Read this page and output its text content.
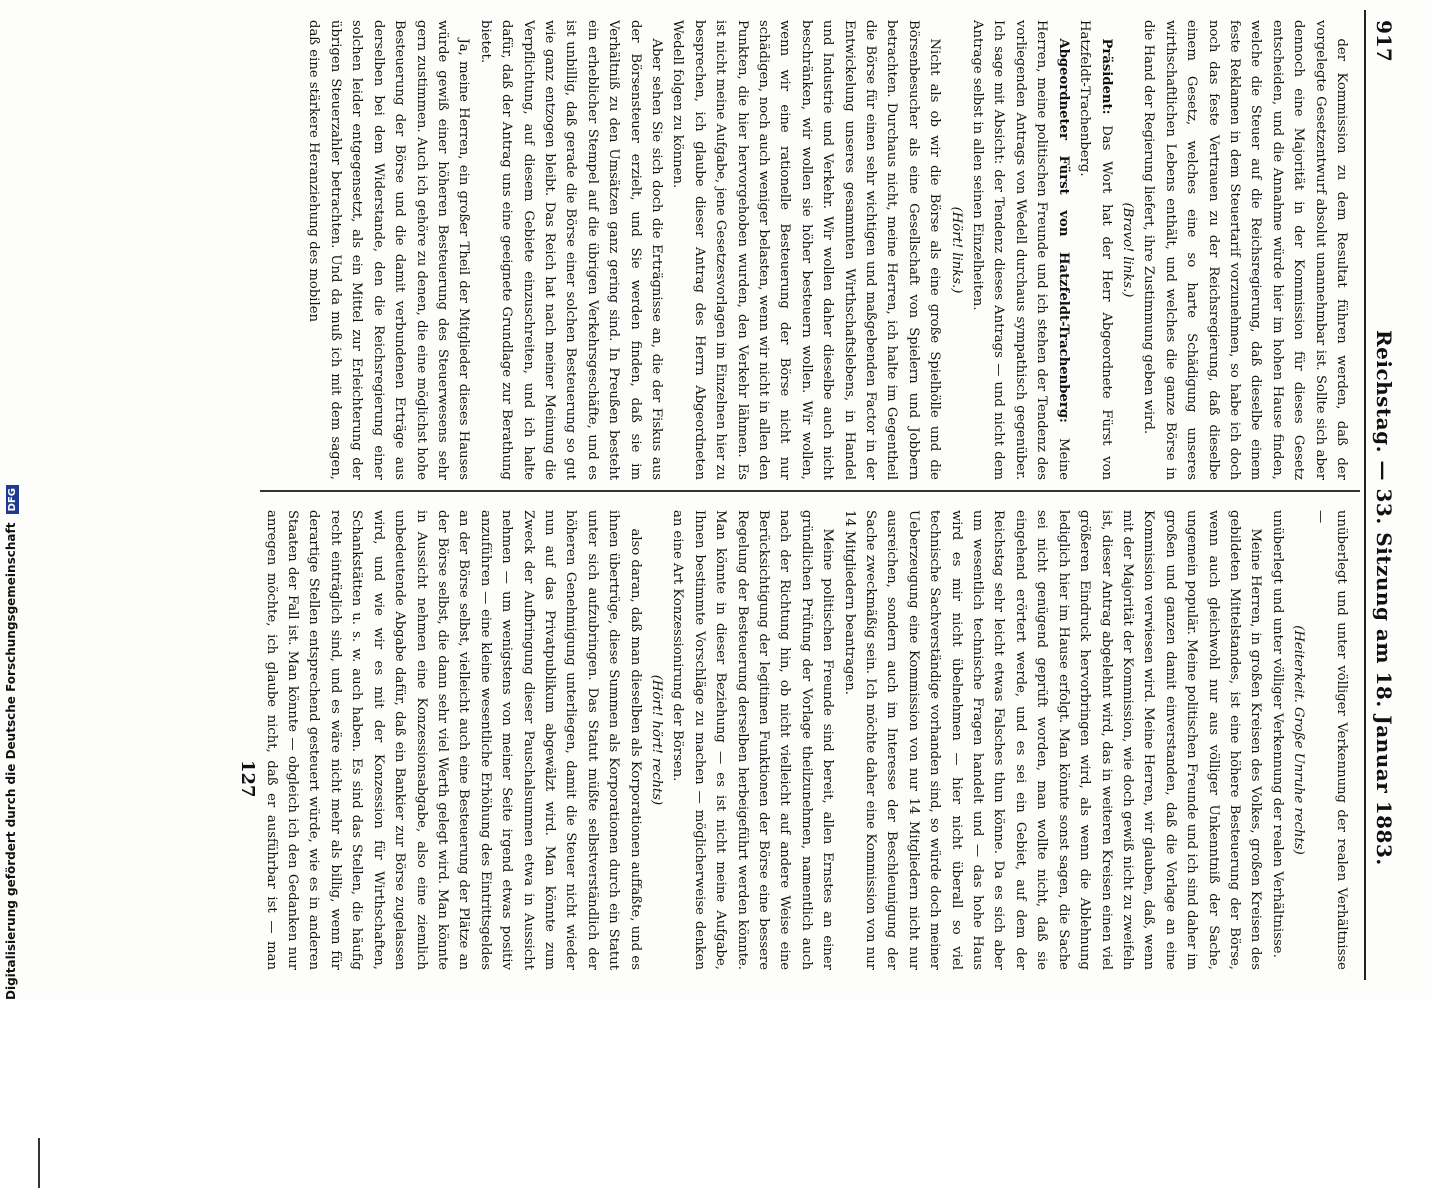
917
Reichstag. — 33. Sitzung am 18. Januar 1883.

der Kommission zu dem Resultat führen werden, daß der vorgelegte Gesetzentwurf absolut unannehmbar ist. Sollte sich aber dennoch eine Majorität in der Kommission für dieses Gesetz entscheiden, und die Annahme würde hier im hohen Hause finden, welche die Steuer auf die Reichsregierung, daß dieselbe einem feste Reklamen in dem Steuertarif vorzunehmen, so habe ich doch noch das feste Vertrauen zu der Reichsregierung, daß dieselbe einem Gesetz, welches eine so harte Schädigung unseres wirthschaftlichen Lebens enthält, und welches die ganze Börse in die Hand der Regierung liefert, ihre Zustimmung geben wird.

(Bravo! links.)

Präsident: Das Wort hat der Herr Abgeordnete Fürst von Hatzfeldt-Trachenberg.

Abgeordneter Fürst von Hatzfeldt-Trachenberg: Meine Herren, meine politischen Freunde und ich stehen der Tendenz des vorliegenden Antrags von Wedell durchaus sympathisch gegenüber. Ich sage mit Absicht: der Tendenz dieses Antrags — und nicht dem Antrage selbst in allen seinen Einzelheiten.

(Hört! links.)

Nicht als ob wir die Börse als eine große Spielhölle und die Börsenbesucher als eine Gesellschaft von Spielern und Jobbern betrachten. Durchaus nicht, meine Herren, ich halte im Gegentheil die Börse für einen sehr wichtigen und maßgebenden Factor in der Entwickelung unseres gesammten Wirthschaftslebens, in Handel und Industrie und Verkehr. Wir wollen daher dieselbe auch nicht beschränken, wir wollen sie höher besteuern wollen. Wir wollen, wenn wir eine rationelle Besteuerung der Börse nicht nur schädigen, noch auch weniger belasten, wenn wir nicht in allen den Punkten, die hier hervorgehoben wurden, den Verkehr lähmen. Es ist nicht meine Aufgabe, jene Gesetzesvorlagen im Einzelnen hier zu besprechen, ich glaube dieser Antrag des Herrn Abgeordneten Wedell folgen zu können.

Aber sehen Sie sich doch die Erträgnisse an, die der Fiskus aus der Börsensteuer erzielt, und Sie werden finden, daß sie im Verhältniß zu den Umsätzen ganz gering sind. In Preußen besteht ein erheblicher Stempel auf die übrigen Verkehrsgeschäfte, und es ist unbillig, daß gerade die Börse einer solchen Besteuerung so gut wie ganz entzogen bleibt. Das Reich hat nach meiner Meinung die Verpflichtung, auf diesem Gebiete einzuschreiten, und ich halte dafür, daß der Antrag uns eine geeignete Grundlage zur Berathung bietet.

Ja, meine Herren, ein großer Theil der Mitglieder dieses Hauses würde gewiß einer höheren Besteuerung des Steuerwesens sehr gern zustimmen. Auch ich gehöre zu denen, die eine möglichst hohe Besteuerung der Börse und die damit verbundenen Erträge aus derselben bei dem Widerstande, den die Reichsregierung einer solchen leider entgegensetzt, als ein Mittel zur Erleichterung der übrigen Steuerzahler betrachten. Und da muß ich mit dem sagen, daß eine stärkere Heranziehung des mobilen

unüberlegt und unter völliger Verkennung der realen Verhältnisse —

(Heiterkeit. Große Unruhe rechts)

unüberlegt und unter völliger Verkennung der realen Verhältnisse.

Meine Herren, in großen Kreisen des Volkes, großen Kreisen des gebildeten Mittelstandes, ist eine höhere Besteuerung der Börse, wenn auch gleichwohl nur aus völliger Unkenntniß der Sache, ungemein populär. Meine politischen Freunde und ich sind daher im großen und ganzen damit einverstanden, daß die Vorlage an eine Kommission verwiesen wird. Meine Herren, wir glauben, daß, wenn mit der Majorität der Kommission, wie doch gewiß nicht zu zweifeln ist, dieser Antrag abgelehnt wird, das in weiteren Kreisen einen viel größeren Eindruck hervorbringen wird, als wenn die Ablehnung lediglich hier im Hause erfolgt. Man könnte sonst sagen, die Sache sei nicht genügend geprüft worden, man wollte nicht, daß sie eingehend erörtert werde, und es sei ein Gebiet, auf dem der Reichstag sehr leicht etwas Falsches thun könne. Da es sich aber um wesentlich technische Fragen handelt und — das hohe Haus wird es mir nicht übelnehmen — hier nicht überall so viel technische Sachverständige vorhanden sind, so würde doch meiner Ueberzeugung eine Kommission von nur 14 Mitgliedern nicht nur ausreichen, sondern auch im Interesse der Beschleunigung der Sache zweckmäßig sein. Ich möchte daher eine Kommission von nur 14 Mitgliedern beantragen.

Meine politischen Freunde sind bereit, allen Ernstes an einer gründlichen Prüfung der Vorlage theilzunehmen, namentlich auch nach der Richtung hin, ob nicht vielleicht auf andere Weise eine Berücksichtigung der legitimen Funktionen der Börse eine bessere Regelung der Besteuerung derselben herbeigeführt werden könnte. Man könnte in dieser Beziehung — es ist nicht meine Aufgabe, Ihnen bestimmte Vorschläge zu machen — möglicherweise denken an eine Art Konzessionirung der Börsen.

(Hört! hört! rechts)

also daran, daß man dieselben als Korporationen auffaßte, und es ihnen übertrüge, diese Summen als Korporationen durch ein Statut unter sich aufzubringen. Das Statut müßte selbstverständlich der höheren Genehmigung unterliegen, damit die Steuer nicht wieder nun auf das Privatpublikum abgewälzt wird. Man könnte zum Zweck der Aufbringung dieser Pauschalsummen etwa in Aussicht nehmen — um wenigstens von meiner Seite irgend etwas positiv anzuführen — eine kleine wesentliche Erhöhung des Eintrittsgeldes an der Börse selbst, vielleicht auch eine Besteuerung der Plätze an der Börse selbst, die dann sehr viel Werth gelegt wird. Man könnte in Aussicht nehmen eine Konzessionsabgabe, also eine ziemlich unbedeutende Abgabe dafür, daß ein Bankier zur Börse zugelassen wird, und wie wir es mit der Konzession für Wirthschaften, Schankstätten u. s. w. auch haben. Es sind das Stellen, die häufig recht einträglich sind, und es wäre nicht mehr als billig, wenn für derartige Stellen entsprechend gesteuert würde, wie es in anderen Staaten der Fall ist. Man könnte — obgleich ich den Gedanken nur anregen möchte, ich glaube nicht, daß er ausführbar ist — man

127
Digitalisierung gefördert durch die Deutsche Forschungsgemeinschaft DFG
